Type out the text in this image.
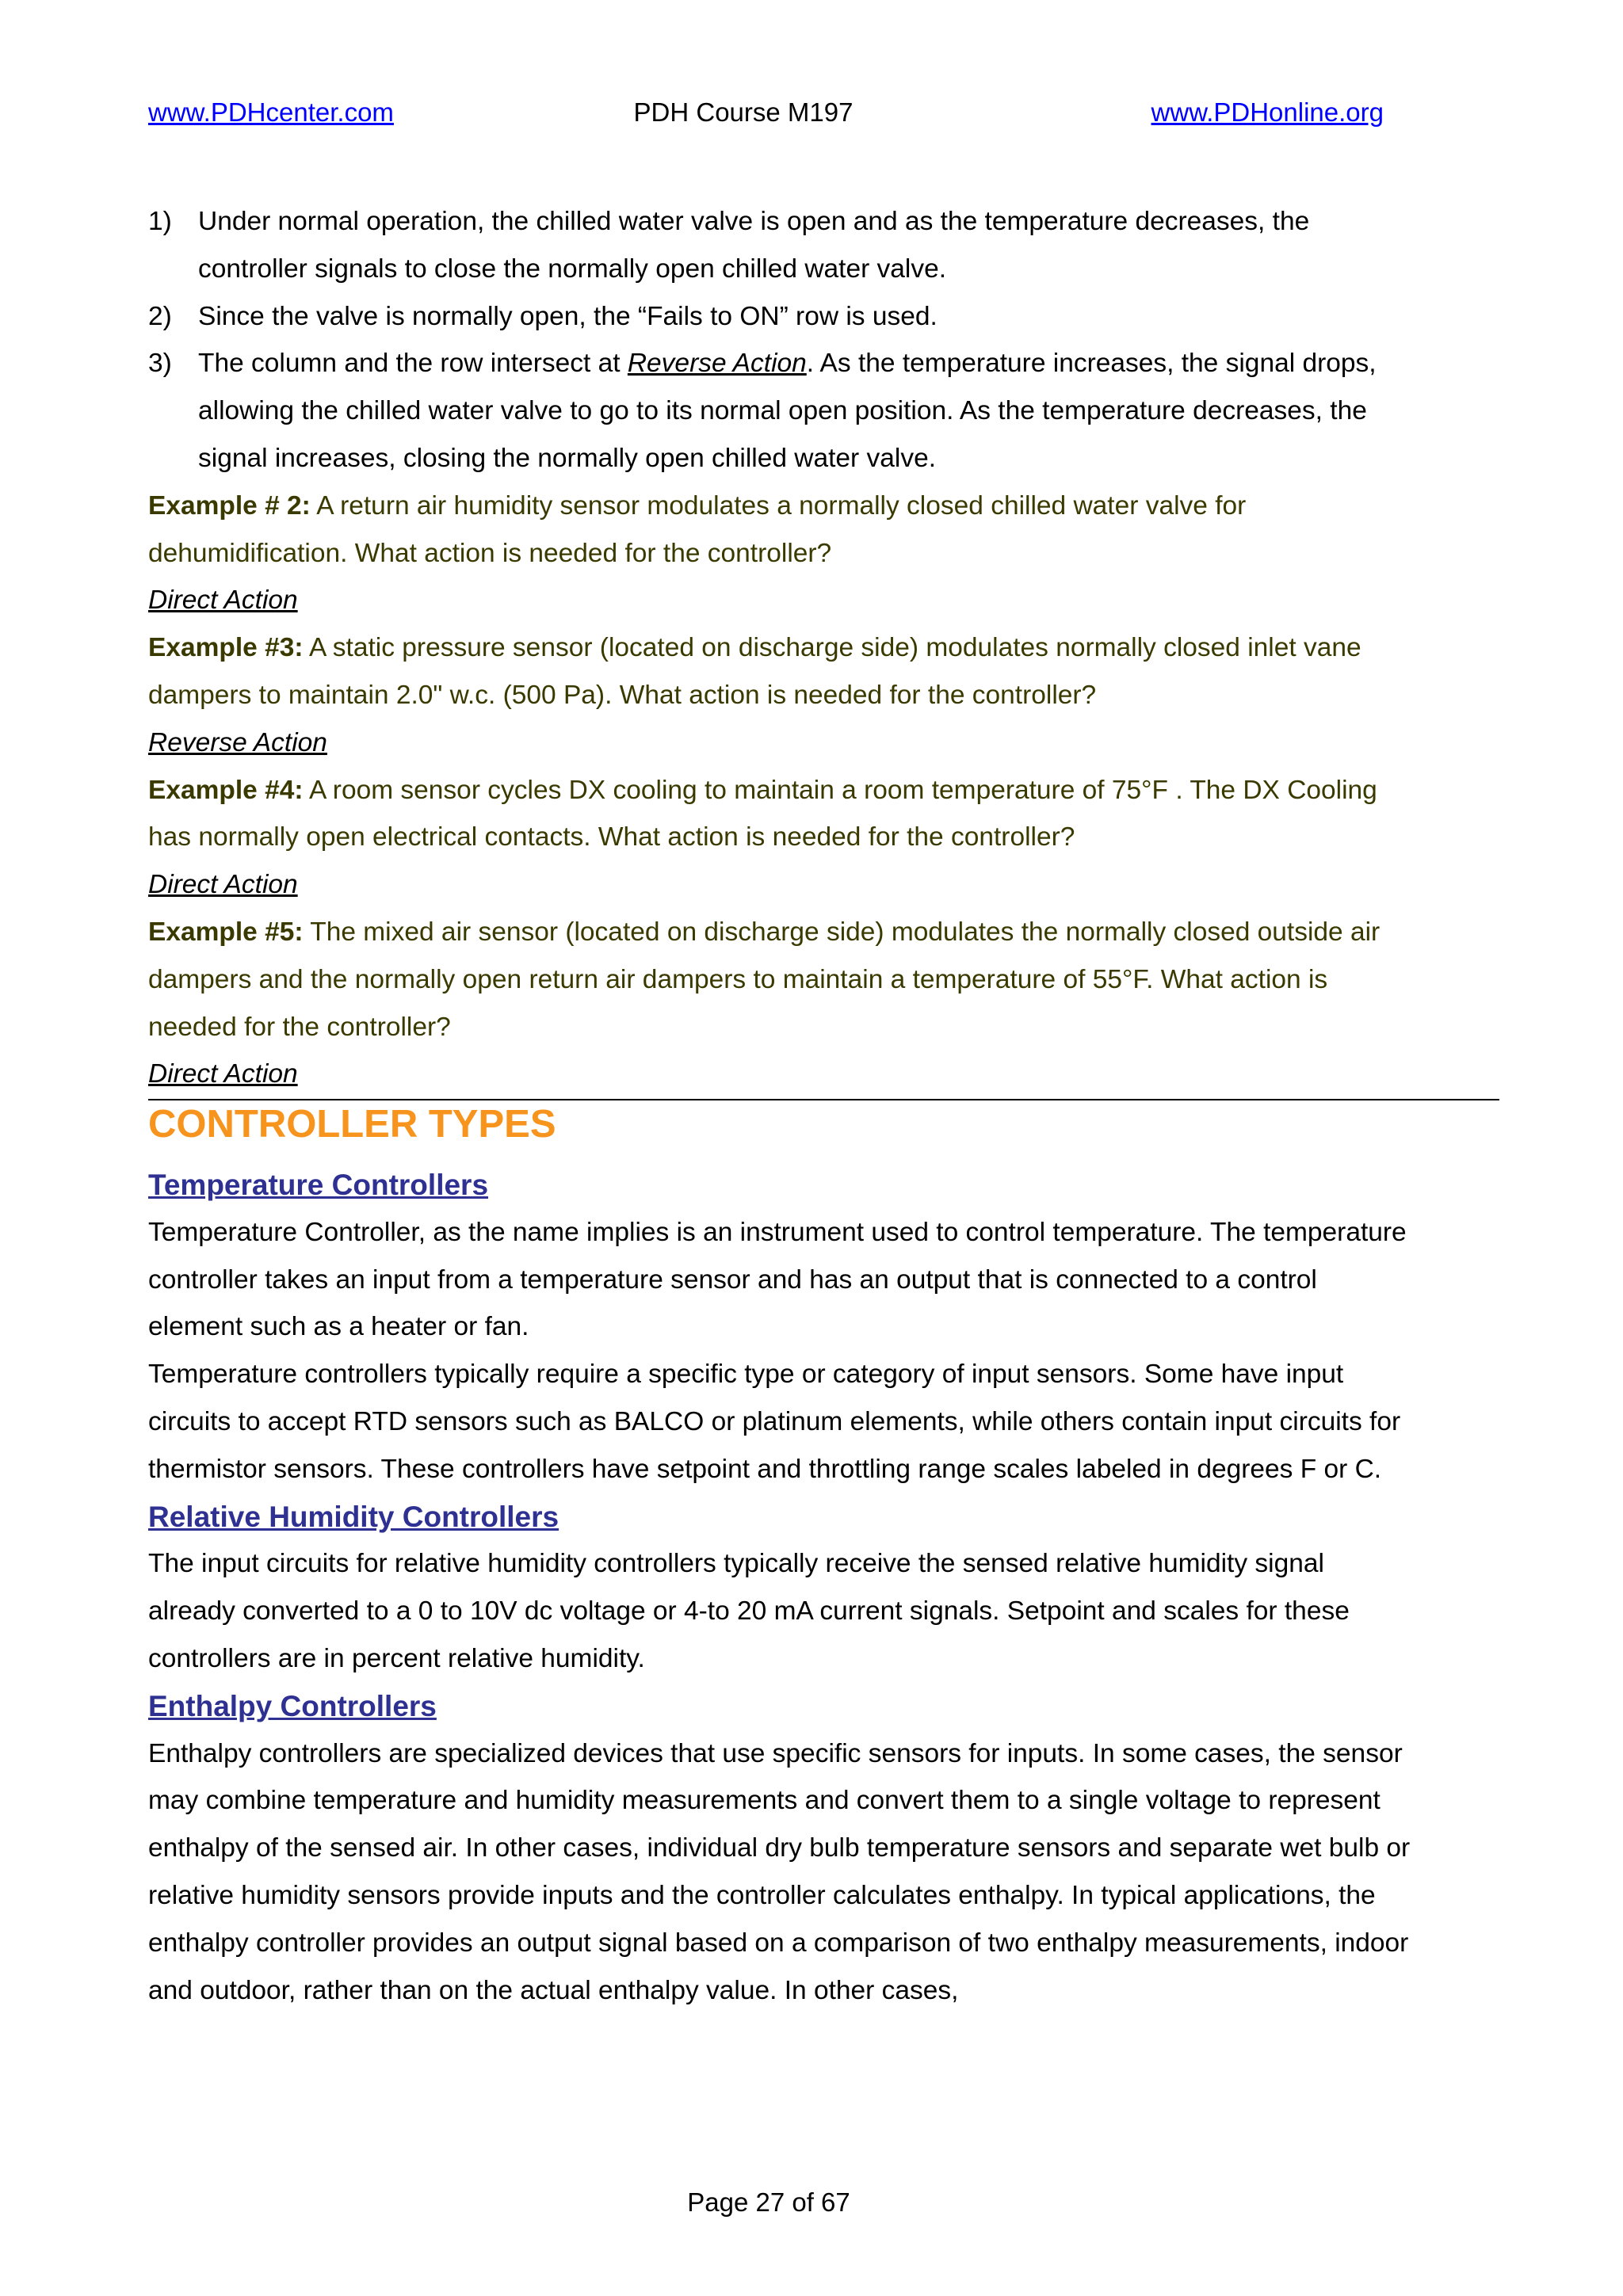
www.PDHcenter.com	PDH Course M197	www.PDHonline.org
1) Under normal operation, the chilled water valve is open and as the temperature decreases, the controller signals to close the normally open chilled water valve.
2) Since the valve is normally open, the “Fails to ON” row is used.
3) The column and the row intersect at Reverse Action. As the temperature increases, the signal drops, allowing the chilled water valve to go to its normal open position. As the temperature decreases, the signal increases, closing the normally open chilled water valve.
Example # 2: A return air humidity sensor modulates a normally closed chilled water valve for dehumidification. What action is needed for the controller?
Direct Action
Example #3: A static pressure sensor (located on discharge side) modulates normally closed inlet vane dampers to maintain 2.0" w.c. (500 Pa). What action is needed for the controller?
Reverse Action
Example #4: A room sensor cycles DX cooling to maintain a room temperature of 75°F . The DX Cooling has normally open electrical contacts. What action is needed for the controller?
Direct Action
Example #5: The mixed air sensor (located on discharge side) modulates the normally closed outside air dampers and the normally open return air dampers to maintain a temperature of 55°F. What action is needed for the controller?
Direct Action
CONTROLLER TYPES
Temperature Controllers
Temperature Controller, as the name implies is an instrument used to control temperature. The temperature controller takes an input from a temperature sensor and has an output that is connected to a control element such as a heater or fan.
Temperature controllers typically require a specific type or category of input sensors. Some have input circuits to accept RTD sensors such as BALCO or platinum elements, while others contain input circuits for thermistor sensors. These controllers have setpoint and throttling range scales labeled in degrees F or C.
Relative Humidity Controllers
The input circuits for relative humidity controllers typically receive the sensed relative humidity signal already converted to a 0 to 10V dc voltage or 4-to 20 mA current signals. Setpoint and scales for these controllers are in percent relative humidity.
Enthalpy Controllers
Enthalpy controllers are specialized devices that use specific sensors for inputs. In some cases, the sensor may combine temperature and humidity measurements and convert them to a single voltage to represent enthalpy of the sensed air. In other cases, individual dry bulb temperature sensors and separate wet bulb or relative humidity sensors provide inputs and the controller calculates enthalpy. In typical applications, the enthalpy controller provides an output signal based on a comparison of two enthalpy measurements, indoor and outdoor, rather than on the actual enthalpy value. In other cases,
Page 27 of 67
